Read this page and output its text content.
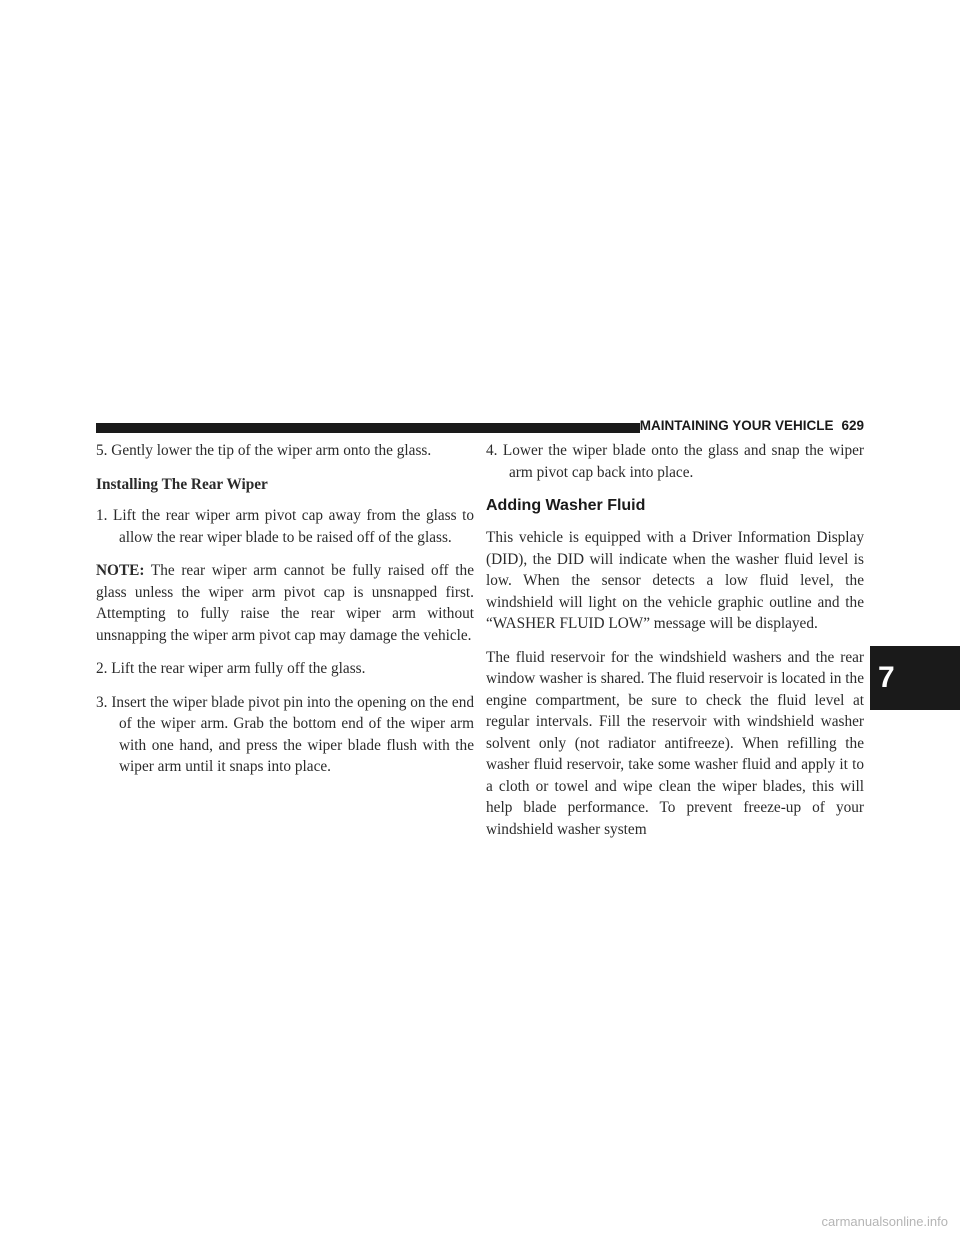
MAINTAINING YOUR VEHICLE 629

5. Gently lower the tip of the wiper arm onto the glass.

Installing The Rear Wiper

1. Lift the rear wiper arm pivot cap away from the glass to allow the rear wiper blade to be raised off of the glass.

NOTE: The rear wiper arm cannot be fully raised off the glass unless the wiper arm pivot cap is unsnapped first. Attempting to fully raise the rear wiper arm without unsnapping the wiper arm pivot cap may damage the vehicle.

2. Lift the rear wiper arm fully off the glass.

3. Insert the wiper blade pivot pin into the opening on the end of the wiper arm. Grab the bottom end of the wiper arm with one hand, and press the wiper blade flush with the wiper arm until it snaps into place.

4. Lower the wiper blade onto the glass and snap the wiper arm pivot cap back into place.

Adding Washer Fluid

This vehicle is equipped with a Driver Information Display (DID), the DID will indicate when the washer fluid level is low. When the sensor detects a low fluid level, the windshield will light on the vehicle graphic outline and the “WASHER FLUID LOW” message will be displayed.

The fluid reservoir for the windshield washers and the rear window washer is shared. The fluid reservoir is located in the engine compartment, be sure to check the fluid level at regular intervals. Fill the reservoir with windshield washer solvent only (not radiator antifreeze). When refilling the washer fluid reservoir, take some washer fluid and apply it to a cloth or towel and wipe clean the wiper blades, this will help blade performance. To prevent freeze-up of your windshield washer system

7
carmanualsonline.info
